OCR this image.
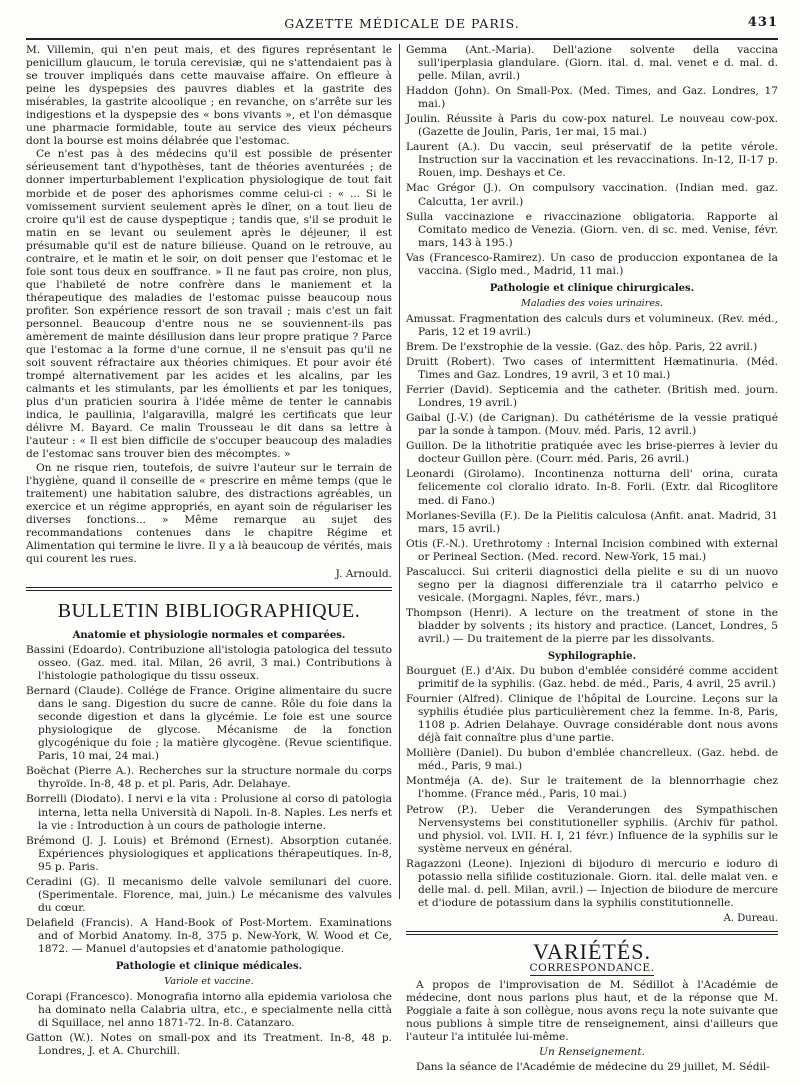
GAZETTE MÉDICALE DE PARIS.	431

M. Villemin, qui n'en peut mais, et des figures représentant le penicillum glaucum, le torula cerevisiæ, qui ne s'attendaient pas à se trouver impliqués dans cette mauvaise affaire. On effleure à peine les dyspepsies des pauvres diables et la gastrite des misérables, la gastrite alcoolique ; en revanche, on s'arrête sur les indigestions et la dyspepsie des « bons vivants », et l'on démasque une pharmacie formidable, toute au service des vieux pécheurs dont la bourse est moins délabrée que l'estomac.

Ce n'est pas à des médecins qu'il est possible de présenter sérieusement tant d'hypothèses, tant de théories aventurées ; de donner imperturbablement l'explication physiologique de tout fait morbide et de poser des aphorismes comme celui-ci : « ... Si le vomissement survient seulement après le dîner, on a tout lieu de croire qu'il est de cause dyspeptique ; tandis que, s'il se produit le matin en se levant ou seulement après le déjeuner, il est présumable qu'il est de nature bilieuse. Quand on le retrouve, au contraire, et le matin et le soir, on doit penser que l'estomac et le foie sont tous deux en souffrance. » Il ne faut pas croire, non plus, que l'habileté de notre confrère dans le maniement et la thérapeutique des maladies de l'estomac puisse beaucoup nous profiter. Son expérience ressort de son travail ; mais c'est un fait personnel. Beaucoup d'entre nous ne se souviennent-ils pas amèrement de mainte désillusion dans leur propre pratique ? Parce que l'estomac a la forme d'une cornue, il ne s'ensuit pas qu'il ne soit souvent réfractaire aux théories chimiques. Et pour avoir été trompé alternativement par les acides et les alcalins, par les calmants et les stimulants, par les émollients et par les toniques, plus d'un praticien sourira à l'idée même de tenter le cannabis indica, le paullinia, l'algaravilla, malgré les certificats que leur délivre M. Bayard. Ce malin Trousseau le dit dans sa lettre à l'auteur : « Il est bien difficile de s'occuper beaucoup des maladies de l'estomac sans trouver bien des mécomptes. »

On ne risque rien, toutefois, de suivre l'auteur sur le terrain de l'hygiène, quand il conseille de « prescrire en même temps (que le traitement) une habitation salubre, des distractions agréables, un exercice et un régime appropriés, en ayant soin de régulariser les diverses fonctions... » Même remarque au sujet des recommandations contenues dans le chapitre Régime et Alimentation qui termine le livre. Il y a là beaucoup de vérités, mais qui courent les rues.

J. Arnould.

BULLETIN BIBLIOGRAPHIQUE.
Anatomie et physiologie normales et comparées.
Bassini (Edoardo). Contribuzione all'istologia patologica del tessuto osseo. (Gaz. med. ital. Milan, 26 avril, 3 mai.) Contributions à l'histologie pathologique du tissu osseux.
Bernard (Claude). Collége de France. Origine alimentaire du sucre dans le sang. Digestion du sucre de canne. Rôle du foie dans la seconde digestion et dans la glycémie. Le foie est une source physiologique de glycose. Mécanisme de la fonction glycogénique du foie ; la matière glycogène. (Revue scientifique. Paris, 10 mai, 24 mai.)
Boëchat (Pierre A.). Recherches sur la structure normale du corps thyroïde. In-8, 48 p. et pl. Paris, Adr. Delahaye.
Borrelli (Diodato). I nervi e la vita : Prolusione al corso di patologia interna, letta nella Università di Napoli. In-8. Naples. Les nerfs et la vie : Introduction à un cours de pathologie interne.
Brémond (J. J. Louis) et Brémond (Ernest). Absorption cutanée. Expériences physiologiques et applications thérapeutiques. In-8, 95 p. Paris.
Ceradini (G). Il mecanismo delle valvole semilunari del cuore. (Sperimentale. Florence, mai, juin.) Le mécanisme des valvules du cœur.
Delafield (Francis). A Hand-Book of Post-Mortem. Examinations and of Morbid Anatomy. In-8, 375 p. New-York, W. Wood et Ce, 1872. — Manuel d'autopsies et d'anatomie pathologique.
Pathologie et clinique médicales.
Variole et vaccine.
Corapi (Francesco). Monografia intorno alla epidemia variolosa che ha dominato nella Calabria ultra, etc., e specialmente nella città di Squillace, nel anno 1871-72. In-8. Catanzaro.
Gatton (W.). Notes on small-pox and its Treatment. In-8, 48 p. Londres, J. et A. Churchill.
Gemma (Ant.-Maria). Dell'azione solvente della vaccina sull'iperplasia glandulare. (Giorn. ital. d. mal. venet e d. mal. d. pelle. Milan, avril.)
Haddon (John). On Small-Pox. (Med. Times, and Gaz. Londres, 17 mai.)
Joulin. Réussite à Paris du cow-pox naturel. Le nouveau cow-pox. (Gazette de Joulin, Paris, 1er mai, 15 mai.)
Laurent (A.). Du vaccin, seul préservatif de la petite vérole. Instruction sur la vaccination et les revaccinations. In-12, II-17 p. Rouen, imp. Deshays et Ce.
Mac Grégor (J.). On compulsory vaccination. (Indian med. gaz. Calcutta, 1er avril.)
Sulla vaccinazione e rivaccinazione obligatoria. Rapporte al Comitato medico de Venezia. (Giorn. ven. di sc. med. Venise, févr. mars, 143 à 195.)
Vas (Francesco-Ramirez). Un caso de produccion expontanea de la vaccina. (Siglo med., Madrid, 11 mai.)
Pathologie et clinique chirurgicales.
Maladies des voies urinaires.
Amussat. Fragmentation des calculs durs et volumineux. (Rev. méd., Paris, 12 et 19 avril.)
Brem. De l'exstrophie de la vessie. (Gaz. des hôp. Paris, 22 avril.)
Druitt (Robert). Two cases of intermittent Hæmatinuria. (Méd. Times and Gaz. Londres, 19 avril, 3 et 10 mai.)
Ferrier (David). Septicemia and the catheter. (British med. journ. Londres, 19 avril.)
Gaibal (J.-V.) (de Carignan). Du cathétérisme de la vessie pratiqué par la sonde à tampon. (Mouv. méd. Paris, 12 avril.)
Guillon. De la lithotritie pratiquée avec les brise-pierres à levier du docteur Guillon père. (Courr. méd. Paris, 26 avril.)
Leonardi (Girolamo). Incontinenza notturna dell' orina, curata felicemente col cloralio idrato. In-8. Forli. (Extr. dal Ricoglitore med. di Fano.)
Morlanes-Sevilla (F.). De la Pielitis calculosa (Anfit. anat. Madrid, 31 mars, 15 avril.)
Otis (F.-N.). Urethrotomy : Internal Incision combined with external or Perineal Section. (Med. record. New-York, 15 mai.)
Pascalucci. Sui criterii diagnostici della pielite e su di un nuovo segno per la diagnosi differenziale tra il catarrho pelvico e vesicale. (Morgagni. Naples, févr., mars.)
Thompson (Henri). A lecture on the treatment of stone in the bladder by solvents ; its history and practice. (Lancet, Londres, 5 avril.) — Du traitement de la pierre par les dissolvants.
Syphilographie.
Bourguet (E.) d'Aix. Du bubon d'emblée considéré comme accident primitif de la syphilis. (Gaz. hebd. de méd., Paris, 4 avril, 25 avril.)
Fournier (Alfred). Clinique de l'hôpital de Lourcine. Leçons sur la syphilis étudiée plus particulièrement chez la femme. In-8, Paris, 1108 p. Adrien Delahaye. Ouvrage considérable dont nous avons déjà fait connaître plus d'une partie.
Mollière (Daniel). Du bubon d'emblée chancrelleux. (Gaz. hebd. de méd., Paris, 9 mai.)
Montméja (A. de). Sur le traitement de la blennorrhagie chez l'homme. (France méd., Paris, 10 mai.)
Petrow (P.). Ueber die Veranderungen des Sympathischen Nervensystems bei constitutioneller syphilis. (Archiv für pathol. und physiol. vol. LVII. H. I, 21 févr.) Influence de la syphilis sur le système nerveux en général.
Ragazzoni (Leone). Injezioni di bijoduro di mercurio e ioduro di potassio nella sifilide costituzionale. Giorn. ital. delle malat ven. e delle mal. d. pell. Milan, avril.) — Injection de biiodure de mercure et d'iodure de potassium dans la syphilis constitutionnelle.
A. Dureau.
VARIÉTÉS.
CORRESPONDANCE.

A propos de l'improvisation de M. Sédillot à l'Académie de médecine, dont nous parlons plus haut, et de la réponse que M. Poggiale a faite à son collègue, nous avons reçu la note suivante que nous publions à simple titre de renseignement, ainsi d'ailleurs que l'auteur l'a intitulée lui-même.

Un Renseignement.

Dans la séance de l'Académie de médecine du 29 juillet, M. Sédil-
